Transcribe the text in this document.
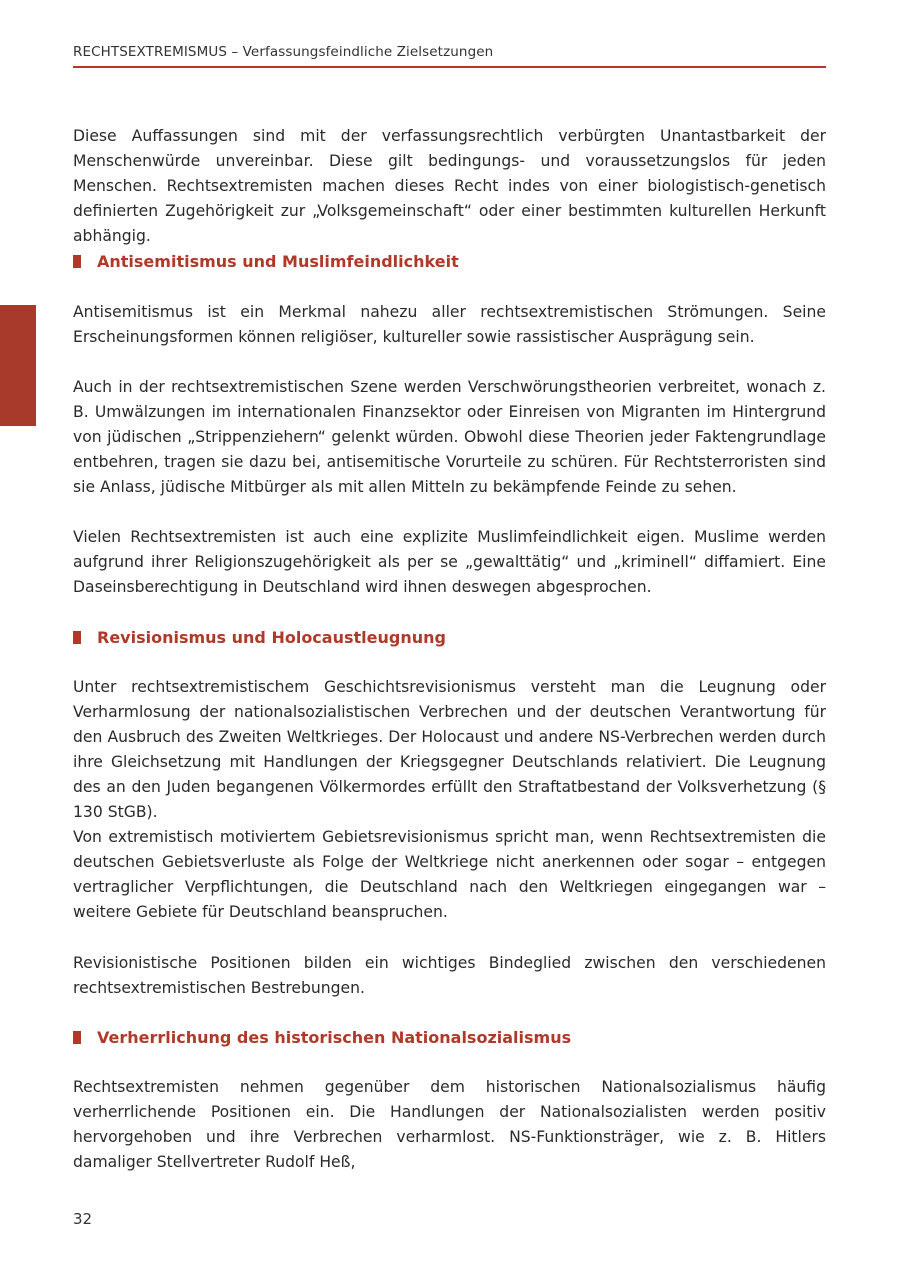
RECHTSEXTREMISMUS – Verfassungsfeindliche Zielsetzungen

Diese Auffassungen sind mit der verfassungsrechtlich verbürgten Unantastbarkeit der Menschenwürde unvereinbar. Diese gilt bedingungs- und voraussetzungslos für jeden Menschen. Rechtsextremisten machen dieses Recht indes von einer biologistisch-genetisch definierten Zugehörigkeit zur „Volksgemeinschaft“ oder einer bestimmten kulturellen Herkunft abhängig.

Antisemitismus und Muslimfeindlichkeit

Antisemitismus ist ein Merkmal nahezu aller rechtsextremistischen Strömungen. Seine Erscheinungsformen können religiöser, kultureller sowie rassistischer Ausprägung sein.

Auch in der rechtsextremistischen Szene werden Verschwörungstheorien verbreitet, wonach z. B. Umwälzungen im internationalen Finanzsektor oder Einreisen von Migranten im Hintergrund von jüdischen „Strippenziehern“ gelenkt würden. Obwohl diese Theorien jeder Faktengrundlage entbehren, tragen sie dazu bei, antisemitische Vorurteile zu schüren. Für Rechtsterroristen sind sie Anlass, jüdische Mitbürger als mit allen Mitteln zu bekämpfende Feinde zu sehen.

Vielen Rechtsextremisten ist auch eine explizite Muslimfeindlichkeit eigen. Muslime werden aufgrund ihrer Religionszugehörigkeit als per se „gewalttätig“ und „kriminell“ diffamiert. Eine Daseinsberechtigung in Deutschland wird ihnen deswegen abgesprochen.

Revisionismus und Holocaustleugnung

Unter rechtsextremistischem Geschichtsrevisionismus versteht man die Leugnung oder Verharmlosung der nationalsozialistischen Verbrechen und der deutschen Verantwortung für den Ausbruch des Zweiten Weltkrieges. Der Holocaust und andere NS-Verbrechen werden durch ihre Gleichsetzung mit Handlungen der Kriegsgegner Deutschlands relativiert. Die Leugnung des an den Juden begangenen Völkermordes erfüllt den Straftatbestand der Volksverhetzung (§ 130 StGB).

Von extremistisch motiviertem Gebietsrevisionismus spricht man, wenn Rechtsextremisten die deutschen Gebietsverluste als Folge der Weltkriege nicht anerkennen oder sogar – entgegen vertraglicher Verpflichtungen, die Deutschland nach den Weltkriegen eingegangen war – weitere Gebiete für Deutschland beanspruchen.

Revisionistische Positionen bilden ein wichtiges Bindeglied zwischen den verschiedenen rechtsextremistischen Bestrebungen.

Verherrlichung des historischen Nationalsozialismus

Rechtsextremisten nehmen gegenüber dem historischen Nationalsozialismus häufig verherrlichende Positionen ein. Die Handlungen der Nationalsozialisten werden positiv hervorgehoben und ihre Verbrechen verharmlost. NS-Funktionsträger, wie z. B. Hitlers damaliger Stellvertreter Rudolf Heß,

32
